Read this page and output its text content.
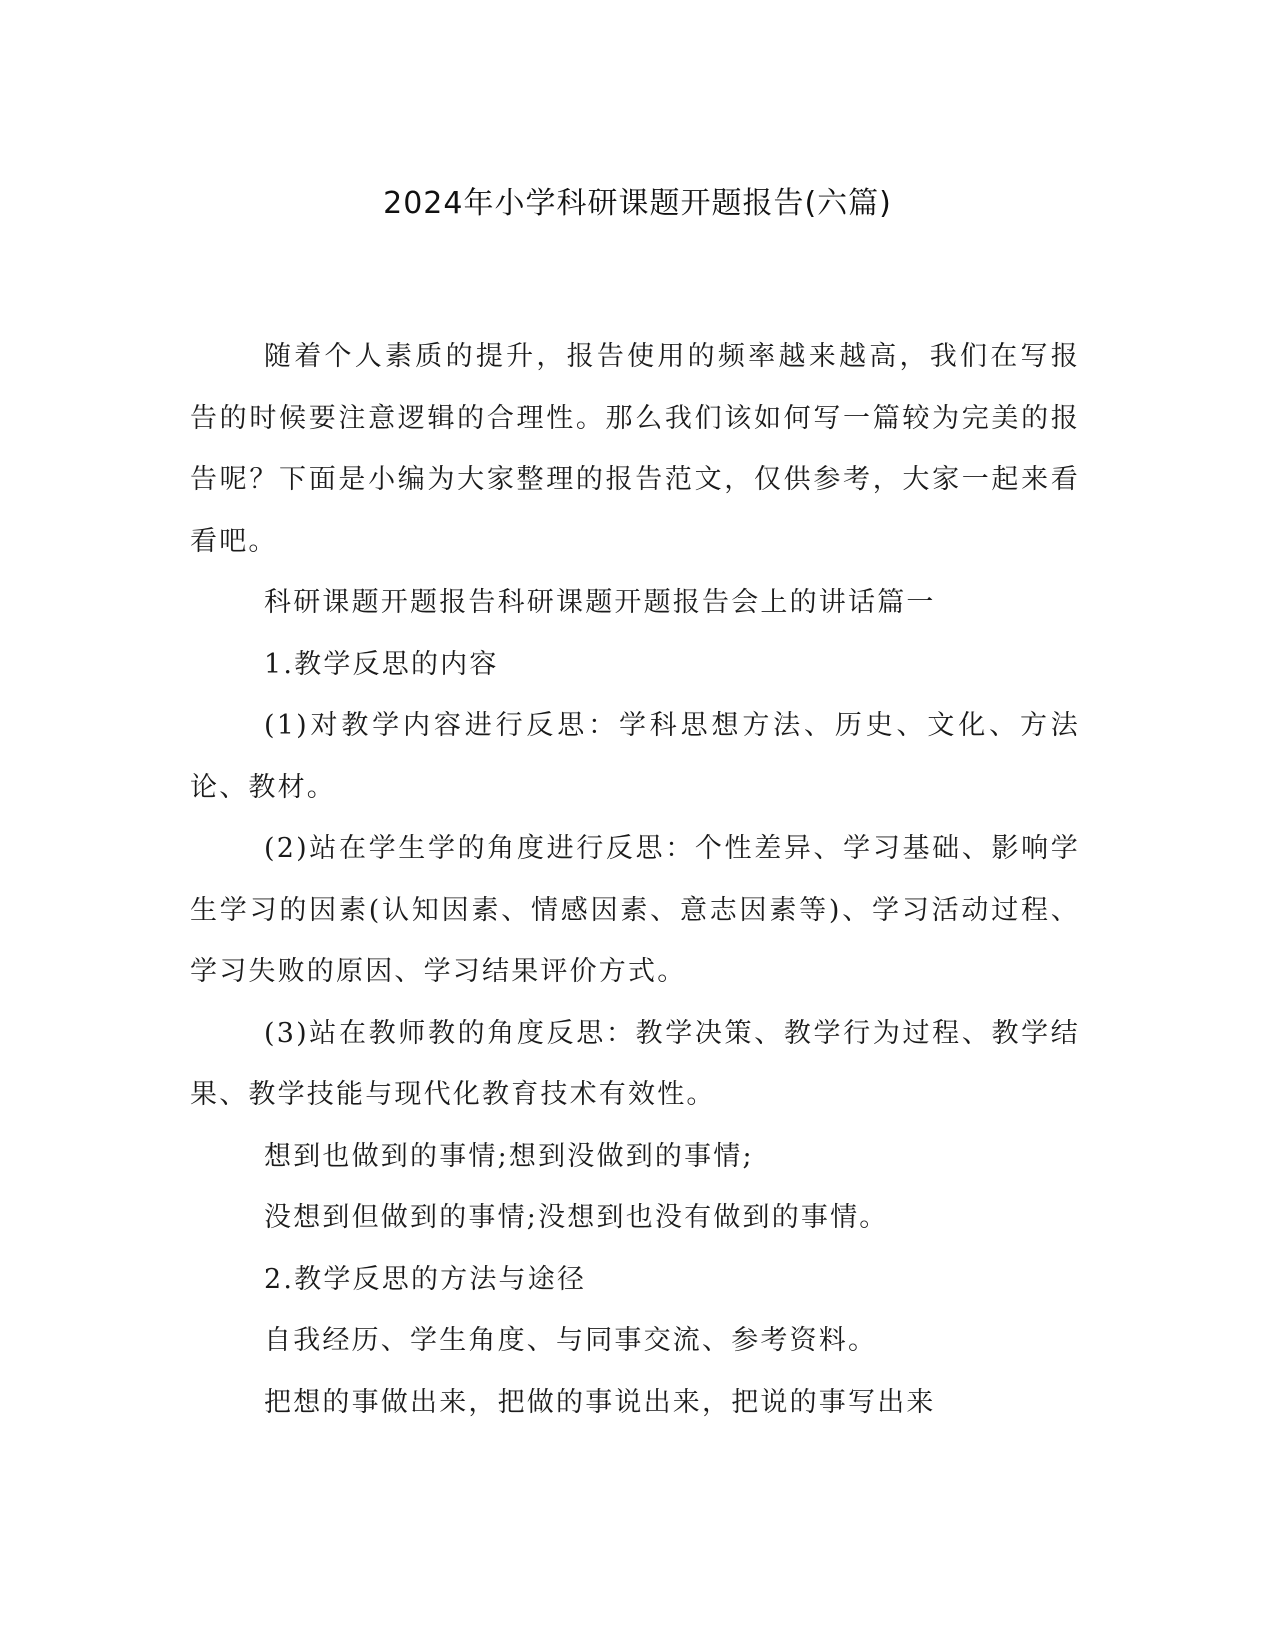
2024年小学科研课题开题报告(六篇)

随着个人素质的提升，报告使用的频率越来越高，我们在写报告的时候要注意逻辑的合理性。那么我们该如何写一篇较为完美的报告呢？下面是小编为大家整理的报告范文，仅供参考，大家一起来看看吧。

科研课题开题报告科研课题开题报告会上的讲话篇一

1.教学反思的内容

(1)对教学内容进行反思：学科思想方法、历史、文化、方法论、教材。

(2)站在学生学的角度进行反思：个性差异、学习基础、影响学生学习的因素(认知因素、情感因素、意志因素等)、学习活动过程、学习失败的原因、学习结果评价方式。

(3)站在教师教的角度反思：教学决策、教学行为过程、教学结果、教学技能与现代化教育技术有效性。

想到也做到的事情;想到没做到的事情;

没想到但做到的事情;没想到也没有做到的事情。

2.教学反思的方法与途径

自我经历、学生角度、与同事交流、参考资料。

把想的事做出来，把做的事说出来，把说的事写出来
